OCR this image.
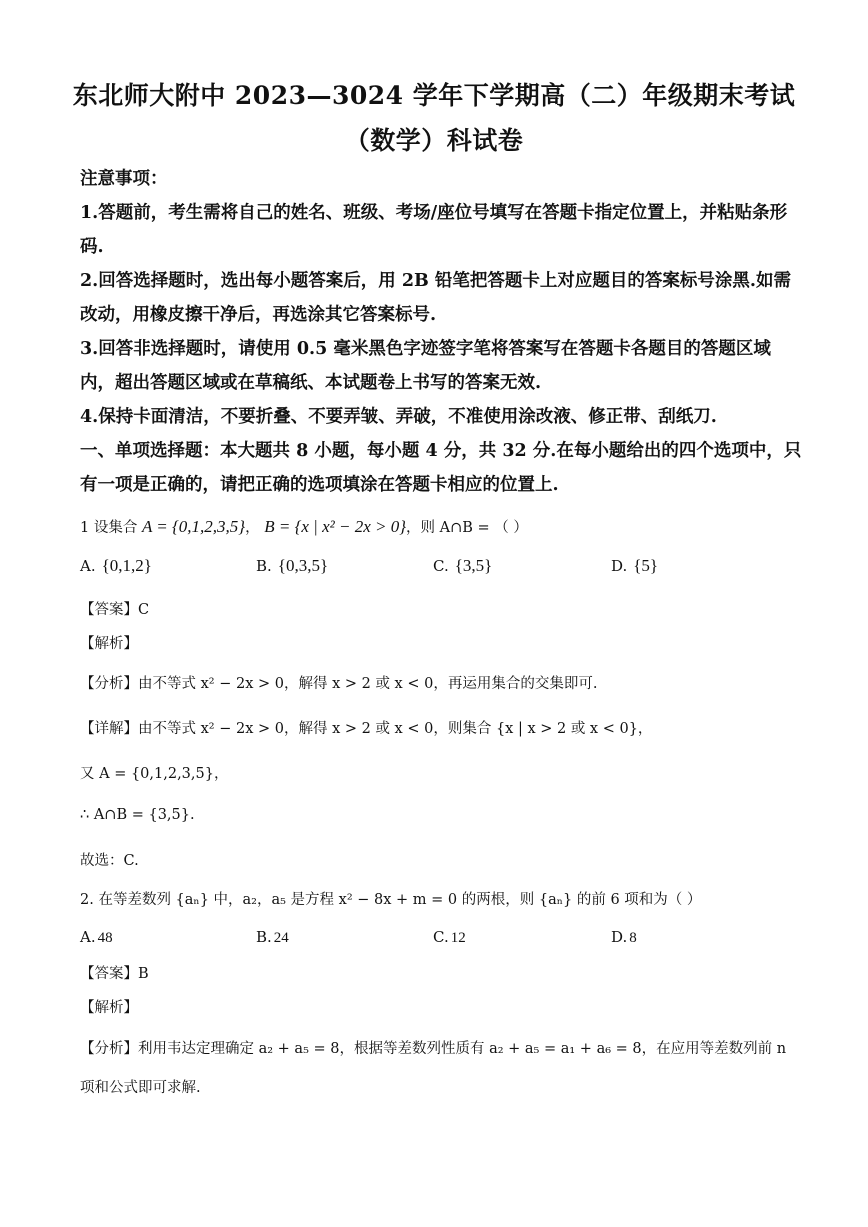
东北师大附中 2023—3024 学年下学期高（二）年级期末考试
（数学）科试卷
注意事项：
1.答题前，考生需将自己的姓名、班级、考场/座位号填写在答题卡指定位置上，并粘贴条形
码.
2.回答选择题时，选出每小题答案后，用 2B 铅笔把答题卡上对应题目的答案标号涂黑.如需
改动，用橡皮擦干净后，再选涂其它答案标号.
3.回答非选择题时，请使用 0.5 毫米黑色字迹签字笔将答案写在答题卡各题目的答题区域
内，超出答题区域或在草稿纸、本试题卷上书写的答案无效.
4.保持卡面清洁，不要折叠、不要弄皱、弄破，不准使用涂改液、修正带、刮纸刀.
一、单项选择题：本大题共 8 小题，每小题 4 分，共 32 分.在每小题给出的四个选项中，只
有一项是正确的，请把正确的选项填涂在答题卡相应的位置上.
1 设集合 A = {0,1,2,3,5}， B = {x | x² − 2x > 0}，则 A∩B = （ ）
A. {0,1,2}	B. {0,3,5}	C. {3,5}	D. {5}
【答案】C
【解析】
【分析】由不等式 x² − 2x > 0，解得 x > 2 或 x < 0，再运用集合的交集即可.
【详解】由不等式 x² − 2x > 0，解得 x > 2 或 x < 0，则集合 {x | x > 2 或 x < 0}，
又 A = {0,1,2,3,5}，
∴ A∩B = {3,5}.
故选：C.
2. 在等差数列 {aₙ} 中，a₂，a₅ 是方程 x² − 8x + m = 0 的两根，则 {aₙ} 的前 6 项和为（ ）
A. 48	B. 24	C. 12	D. 8
【答案】B
【解析】
【分析】利用韦达定理确定 a₂ + a₅ = 8，根据等差数列性质有 a₂ + a₅ = a₁ + a₆ = 8，在应用等差数列前 n
项和公式即可求解.
